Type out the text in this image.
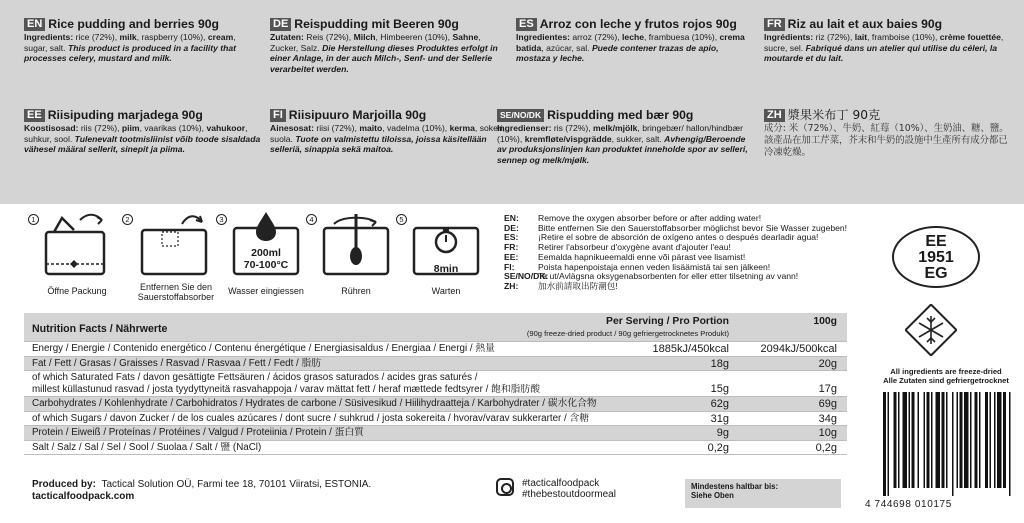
EN Rice pudding and berries 90g
Ingredients: rice (72%), milk, raspberry (10%), cream, sugar, salt. This product is produced in a facility that processes celery, mustard and milk.
DE Reispudding mit Beeren 90g
Zutaten: Reis (72%), Milch, Himbeeren (10%), Sahne, Zucker, Salz. Die Herstellung dieses Produktes erfolgt in einer Anlage, in der auch Milch-, Senf- und der Sellerie verarbeitet werden.
ES Arroz con leche y frutos rojos 90g
Ingredientes: arroz (72%), leche, frambuesa (10%), crema batida, azúcar, sal. Puede contener trazas de apio, mostaza y leche.
FR Riz au lait et aux baies 90g
Ingrédients: riz (72%), lait, framboise (10%), crème fouettée, sucre, sel. Fabriqué dans un atelier qui utilise du céleri, la moutarde et du lait.
EE Riisipuding marjadega 90g
Koostisosad: riis (72%), piim, vaarikas (10%), vahukoor, suhkur, sool. Tulenevalt tootmisliinist võib toode sisaldada vähesel määral sellerit, sinepit ja piima.
FI Riisipuuro Marjoilla 90g
Ainesosat: riisi (72%), maito, vadelma (10%), kerma, sokeri, suola. Tuote on valmistettu tiloissa, joissa käsitellään selleriä, sinappia sekä maitoa.
SE/NO/DK Rispudding med bær 90g
Ingredienser: ris (72%), melk/mjölk, bringebær/ hallon/hindbær (10%), kremfløte/vispgrädde, sukker, salt. Avhengig/Beroende av produksjonslinjen kan produktet inneholde spor av selleri, sennep og melk/mjølk.
ZH 漿果米布丁 90克
成分: 米（72%）、牛奶、紅莓（10%）、生奶油、糖、鹽。該產品在加工芹菜，芥末和牛奶的設施中生產所有成分都已冷凍乾燥。
1
Öffne Packung
2
Entfernen Sie den
Sauerstoffabsorber
3
200ml
70-100°C
Wasser eingiessen
4
Rühren
5
8min
Warten
EN:	Remove the oxygen absorber before or after adding water!
DE:	Bitte entfernen Sie den Sauerstoffabsorber möglichst bevor Sie Wasser zugeben!
ES:	¡Retire el sobre de absorción de oxígeno antes o después dearladir agua!
FR:	Retirer l'absorbeur d'oxygène avant d'ajouter l'eau!
EE:	Eemalda hapnikueemaldi enne või pärast vee lisamist!
FI:	Poista hapenpoistaja ennen veden lisäämistä tai sen jälkeen!
SE/NO/DK:
Ta ut/Avlägsna oksygenabsorbenten for eller etter tilsetning av vann!
ZH:	加水前請取出防潮包!
EE
1951
EG
Nutrition Facts / Nährwerte
Per Serving / Pro Portion
(90g freeze-dried product / 90g gefriergetrocknetes Produkt)
100g
Energy / Energie / Contenido energético / Contenu énergétique / Energiasisaldus / Energiaa / Energi / 熱量	1885kJ/450kcal	2094kJ/500kcal
Fat / Fett / Grasas / Graisses / Rasvad / Rasvaa / Fett / Fedt / 脂肪	18g	20g
of which Saturated Fats / davon gesättigte Fettsäuren / ácidos grasos saturados / acides gras saturés /
millest küllastunud rasvad / josta tyydyttyneitä rasvahappoja / varav mättat fett / heraf mættede fedtsyrer / 飽和脂肪酸	15g	17g
Carbohydrates / Kohlenhydrate / Carbohidratos / Hydrates de carbone / Süsivesikud / Hiilihydraatteja / Karbohydrater / 碳水化合物	62g	69g
of which Sugars / davon Zucker / de los cuales azúcares / dont sucre / suhkrud / josta sokereita / hvorav/varav sukkerarter / 含糖	31g	34g
Protein / Eiweiß / Proteínas / Protéines / Valgud / Proteiinia / Protein / 蛋白質	9g	10g
Salt / Salz / Sal / Sel / Sool / Suolaa / Salt / 鹽 (NaCl)	0,2g	0,2g
All ingredients are freeze-dried
Alle Zutaten sind gefriergetrocknet
Produced by: Tactical Solution OÜ, Farmi tee 18, 70101 Viiratsi, ESTONIA.
tacticalfoodpack.com
#tacticalfoodpack
#thebestoutdoormeal
Mindestens haltbar bis:
Siehe Oben
4 744698 010175
